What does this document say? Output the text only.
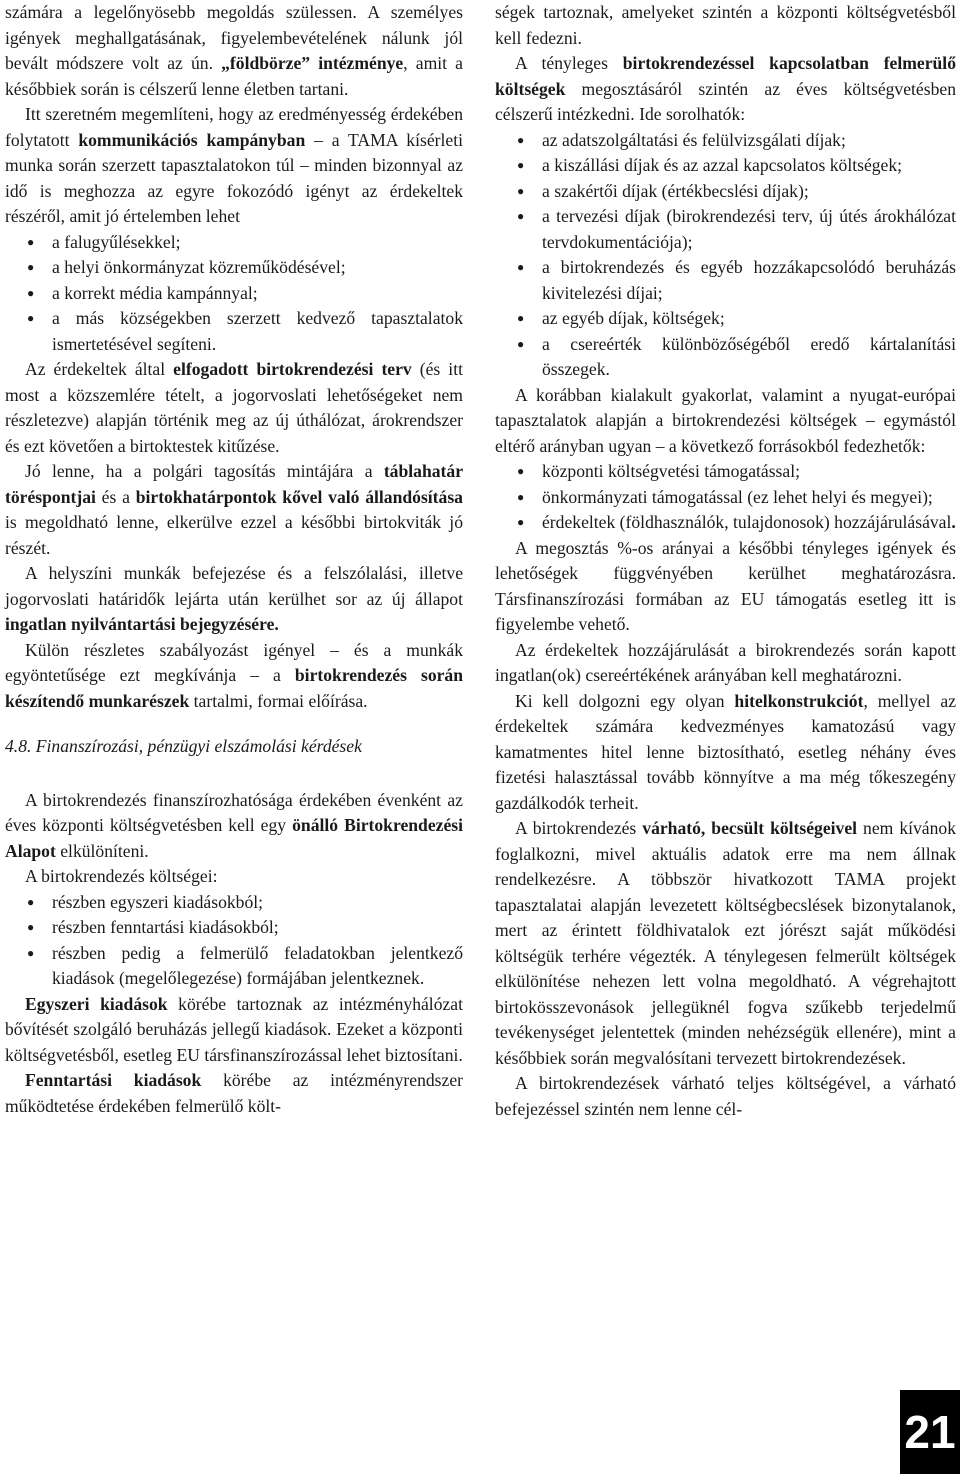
számára a legelőnyösebb megoldás szülessen. A személyes igények meghallgatásának, figyelembevételének nálunk jól bevált módszere volt az ún. „földbörze” intézménye, amit a későbbiek során is célszerű lenne életben tartani.

Itt szeretném megemlíteni, hogy az eredményesség érdekében folytatott kommunikációs kampányban – a TAMA kísérleti munka során szerzett tapasztalatokon túl – minden bizonnyal az idő is meghozza az egyre fokozódó igényt az érdekeltek részéről, amit jó értelemben lehet

● a falugyűlésekkel;
● a helyi önkormányzat közreműködésével;
● a korrekt média kampánnyal;
● a más községekben szerzett kedvező tapasztalatok ismertetésével segíteni.

Az érdekeltek által elfogadott birtokrendezési terv (és itt most a közszemlére tételt, a jogorvoslati lehetőségeket nem részletezve) alapján történik meg az új úthálózat, árokrendszer és ezt követően a birtoktestek kitűzése.

Jó lenne, ha a polgári tagosítás mintájára a táblahatár töréspontjai és a birtokhatárpontok kővel való állandósítása is megoldható lenne, elkerülve ezzel a későbbi birtokviták jó részét.

A helyszíni munkák befejezése és a felszólalási, illetve jogorvoslati határidők lejárta után kerülhet sor az új állapot ingatlan nyilvántartási bejegyzésére.

Külön részletes szabályozást igényel – és a munkák egyöntetűsége ezt megkívánja – a birtokrendezés során készítendő munkarészek tartalmi, formai előírása.

4.8. Finanszírozási, pénzügyi elszámolási kérdések

A birtokrendezés finanszírozhatósága érdekében évenként az éves központi költségvetésben kell egy önálló Birtokrendezési Alapot elkülöníteni.

A birtokrendezés költségei:

● részben egyszeri kiadásokból;
● részben fenntartási kiadásokból;
● részben pedig a felmerülő feladatokban jelentkező kiadások (megelőlegezése) formájában jelentkeznek.

Egyszeri kiadások körébe tartoznak az intézményhálózat bővítését szolgáló beruházás jellegű kiadások. Ezeket a központi költségvetésből, esetleg EU társfinanszírozással lehet biztosítani.

Fenntartási kiadások körébe az intézményrendszer működtetése érdekében felmerülő költ-

ségek tartoznak, amelyeket szintén a központi költségvetésből kell fedezni.

A tényleges birtokrendezéssel kapcsolatban felmerülő költségek megosztásáról szintén az éves költségvetésben célszerű intézkedni. Ide sorolhatók:

● az adatszolgáltatási és felülvizsgálati díjak;
● a kiszállási díjak és az azzal kapcsolatos költségek;
● a szakértői díjak (értékbecslési díjak);
● a tervezési díjak (birokrendezési terv, új útés árokhálózat tervdokumentációja);
● a birtokrendezés és egyéb hozzákapcsolódó beruházás kivitelezési díjai;
● az egyéb díjak, költségek;
● a csereérték különbözőségéből eredő kártalanítási összegek.

A korábban kialakult gyakorlat, valamint a nyugat-európai tapasztalatok alapján a birtokrendezési költségek – egymástól eltérő arányban ugyan – a következő forrásokból fedezhetők:

● központi költségvetési támogatással;
● önkormányzati támogatással (ez lehet helyi és megyei);
● érdekeltek (földhasználók, tulajdonosok) hozzájárulásával.

A megosztás %-os arányai a későbbi tényleges igények és lehetőségek függvényében kerülhet meghatározásra. Társfinanszírozási formában az EU támogatás esetleg itt is figyelembe vehető.

Az érdekeltek hozzájárulását a birokrendezés során kapott ingatlan(ok) csereértékének arányában kell meghatározni.

Ki kell dolgozni egy olyan hitelkonstrukciót, mellyel az érdekeltek számára kedvezményes kamatozású vagy kamatmentes hitel lenne biztosítható, esetleg néhány éves fizetési halasztással tovább könnyítve a ma még tőkeszegény gazdálkodók terheit.

A birtokrendezés várható, becsült költségeivel nem kívánok foglalkozni, mivel aktuális adatok erre ma nem állnak rendelkezésre. A többször hivatkozott TAMA projekt tapasztalatai alapján levezetett költségbecslések bizonytalanok, mert az érintett földhivatalok ezt jórészt saját működési költségük terhére végezték. A ténylegesen felmerült költségek elkülönítése nehezen lett volna megoldható. A végrehajtott birtokösszevonások jellegüknél fogva szűkebb terjedelmű tevékenységet jelentettek (minden nehézségük ellenére), mint a későbbiek során megvalósítani tervezett birtokrendezések.

A birtokrendezések várható teljes költségével, a várható befejezéssel szintén nem lenne cél-

21
